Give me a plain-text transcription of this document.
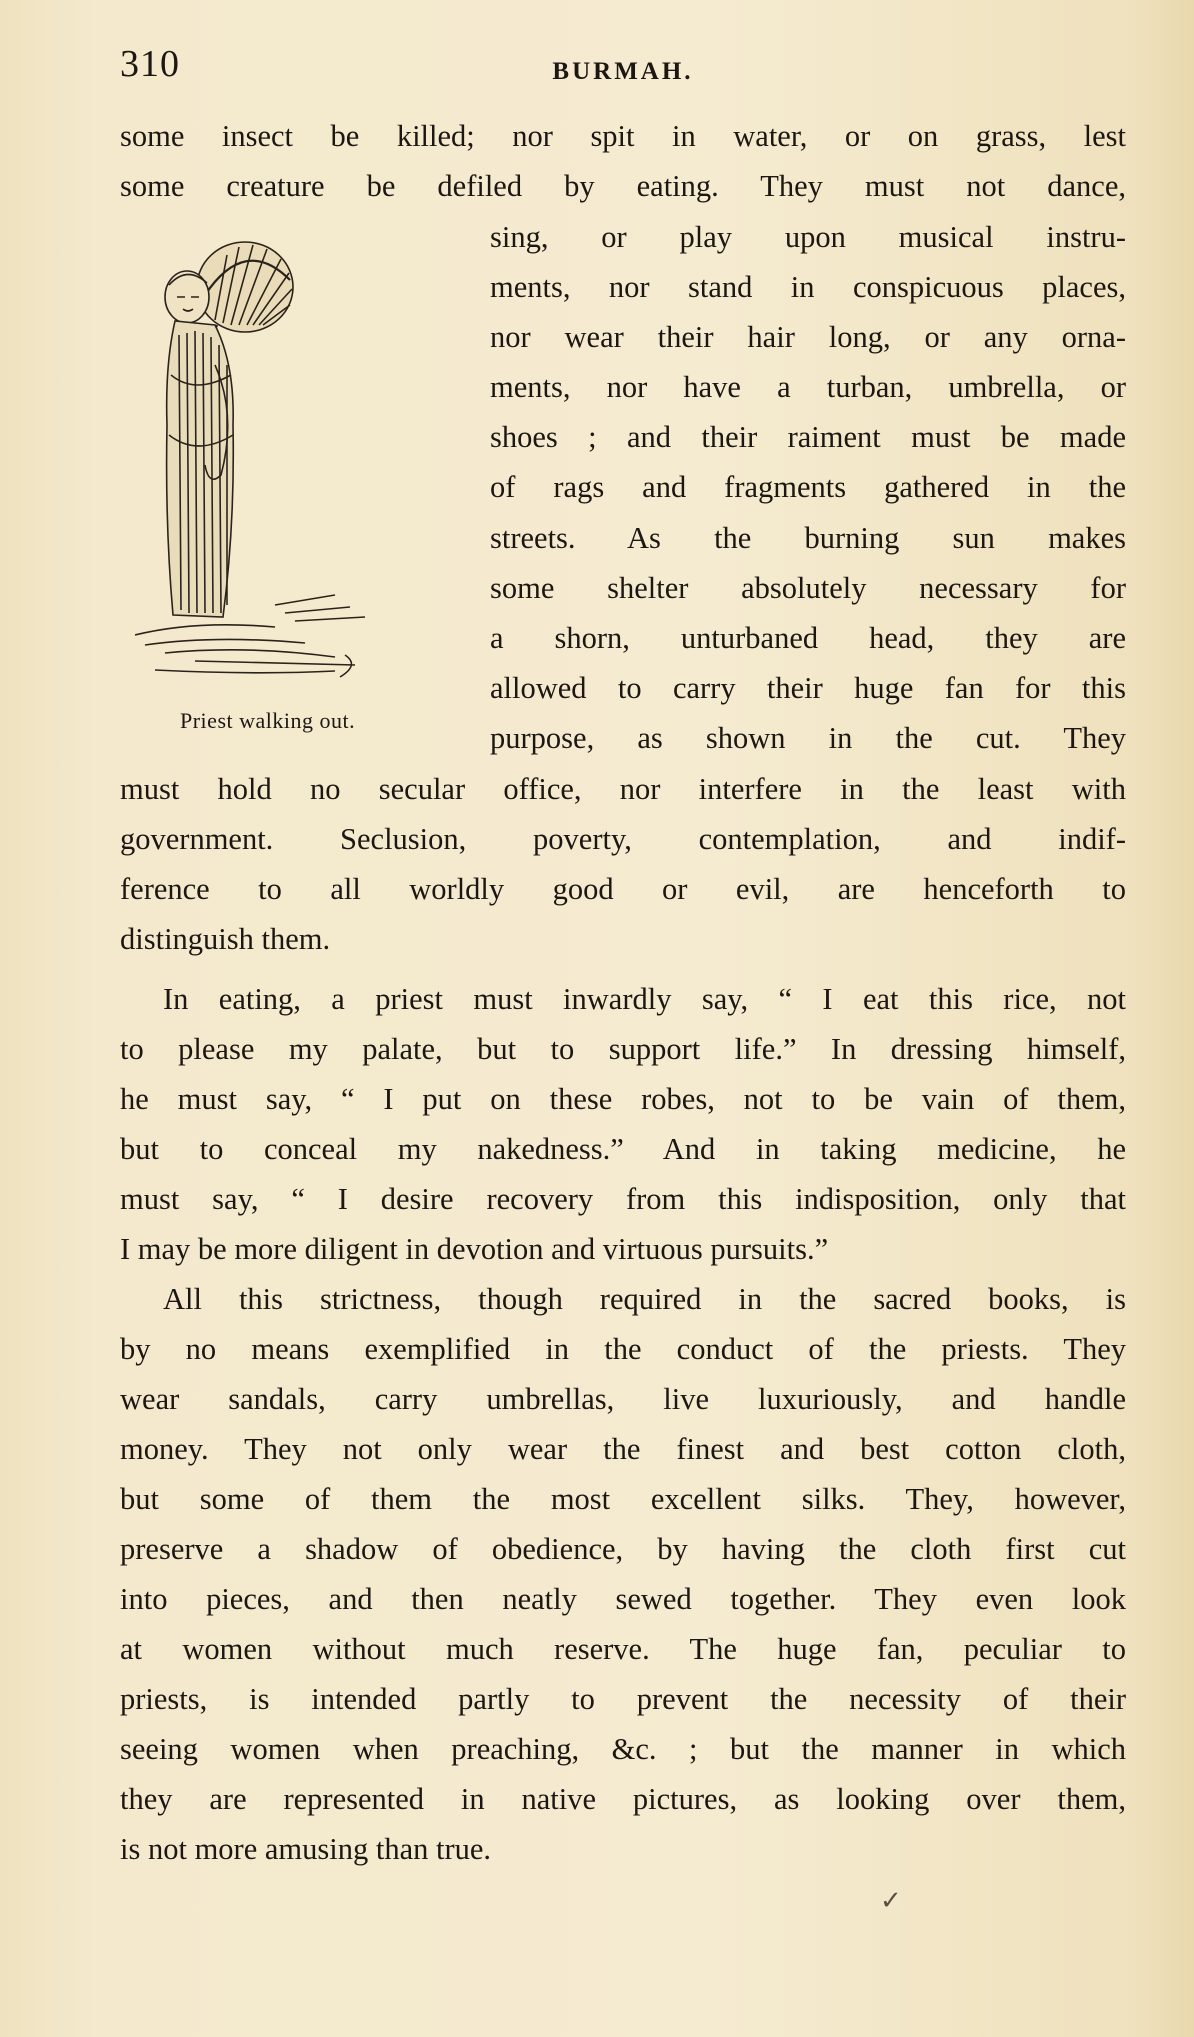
310	BURMAH.
Priest walking out.
some insect be killed; nor spit in water, or on grass, lest
some creature be defiled by eating. They must not dance,
sing, or play upon musical instru-
ments, nor stand in conspicuous places,
nor wear their hair long, or any orna-
ments, nor have a turban, umbrella, or
shoes ; and their raiment must be made
of rags and fragments gathered in the
streets. As the burning sun makes
some shelter absolutely necessary for
a shorn, unturbaned head, they are
allowed to carry their huge fan for this
purpose, as shown in the cut. They
must hold no secular office, nor interfere in the least with
government. Seclusion, poverty, contemplation, and indif-
ference to all worldly good or evil, are henceforth to
distinguish them.
In eating, a priest must inwardly say, “ I eat this rice, not
to please my palate, but to support life.” In dressing himself,
he must say, “ I put on these robes, not to be vain of them,
but to conceal my nakedness.” And in taking medicine, he
must say, “ I desire recovery from this indisposition, only that
I may be more diligent in devotion and virtuous pursuits.”
All this strictness, though required in the sacred books, is
by no means exemplified in the conduct of the priests. They
wear sandals, carry umbrellas, live luxuriously, and handle
money. They not only wear the finest and best cotton cloth,
but some of them the most excellent silks. They, however,
preserve a shadow of obedience, by having the cloth first cut
into pieces, and then neatly sewed together. They even look
at women without much reserve. The huge fan, peculiar to
priests, is intended partly to prevent the necessity of their
seeing women when preaching, &c. ; but the manner in which
they are represented in native pictures, as looking over them,
is not more amusing than true.
✓
